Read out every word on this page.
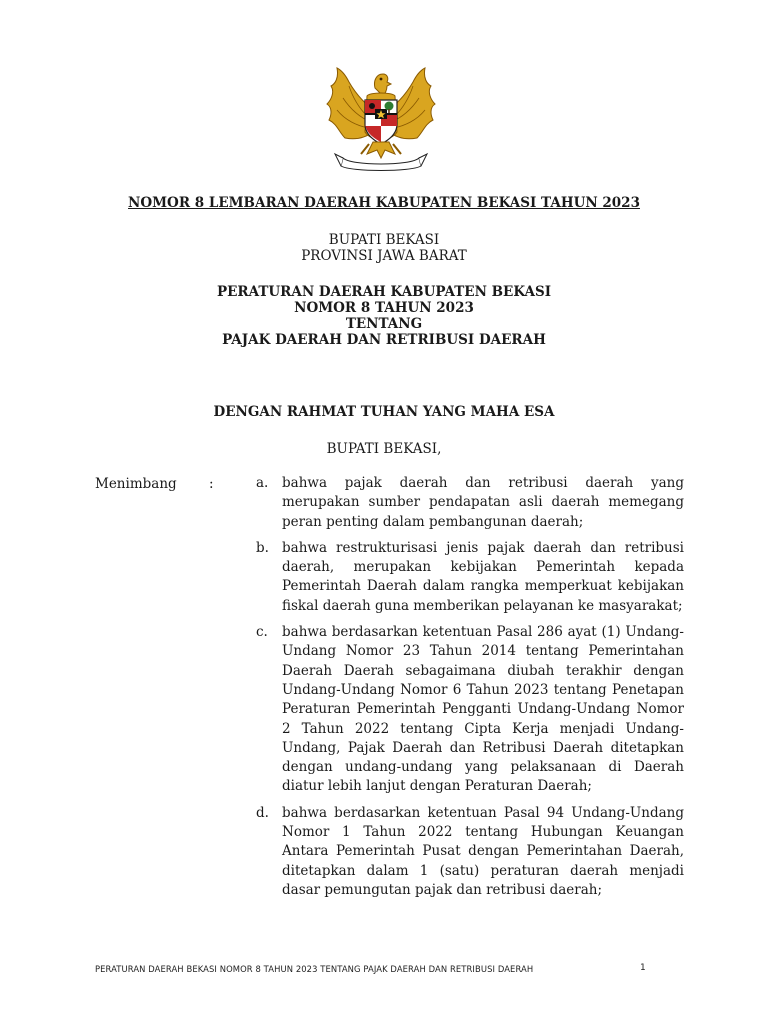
NOMOR 8 LEMBARAN DAERAH KABUPATEN BEKASI TAHUN 2023
BUPATI BEKASI
PROVINSI JAWA BARAT
PERATURAN DAERAH KABUPATEN BEKASI
NOMOR 8 TAHUN 2023
TENTANG
PAJAK DAERAH DAN RETRIBUSI DAERAH
DENGAN RAHMAT TUHAN YANG MAHA ESA
BUPATI BEKASI,
Menimbang :	a. bahwa pajak daerah dan retribusi daerah yang merupakan sumber pendapatan asli daerah memegang peran penting dalam pembangunan daerah;

b. bahwa restrukturisasi jenis pajak daerah dan retribusi daerah, merupakan kebijakan Pemerintah kepada Pemerintah Daerah dalam rangka memperkuat kebijakan fiskal daerah guna memberikan pelayanan ke masyarakat;

c. bahwa berdasarkan ketentuan Pasal 286 ayat (1) Undang-Undang Nomor 23 Tahun 2014 tentang Pemerintahan Daerah Daerah sebagaimana diubah terakhir dengan Undang-Undang Nomor 6 Tahun 2023 tentang Penetapan Peraturan Pemerintah Pengganti Undang-Undang Nomor 2 Tahun 2022 tentang Cipta Kerja menjadi Undang-Undang, Pajak Daerah dan Retribusi Daerah ditetapkan dengan undang-undang yang pelaksanaan di Daerah diatur lebih lanjut dengan Peraturan Daerah;

d. bahwa berdasarkan ketentuan Pasal 94 Undang-Undang Nomor 1 Tahun 2022 tentang Hubungan Keuangan Antara Pemerintah Pusat dengan Pemerintahan Daerah, ditetapkan dalam 1 (satu) peraturan daerah menjadi dasar pemungutan pajak dan retribusi daerah;

PERATURAN DAERAH BEKASI NOMOR 8 TAHUN 2023 TENTANG PAJAK DAERAH DAN RETRIBUSI DAERAH	1
